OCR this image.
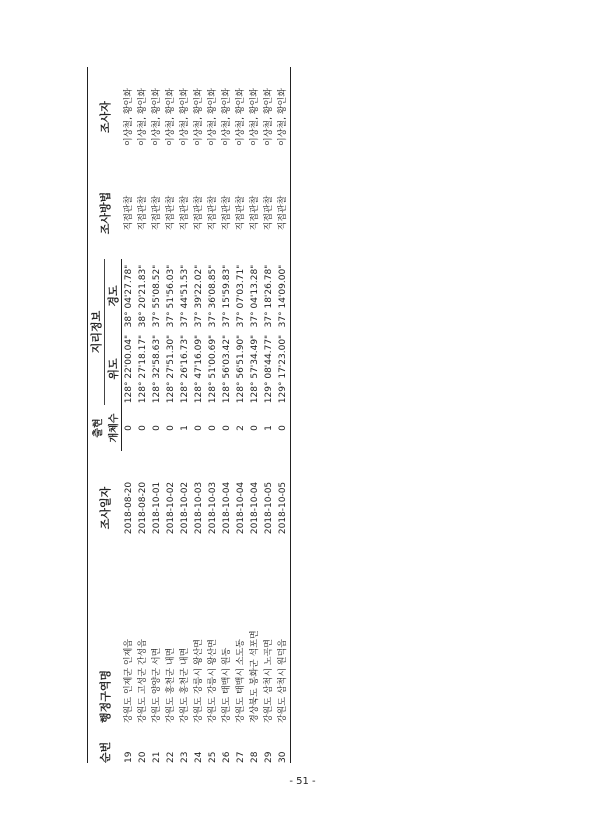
순번	행정구역명	조사일자	출현	지리정보		조사방법	조사자
			개체수	위도	경도		
19	강원도 인제군 인제읍	2018-08-20	0	128° 22'00.04"	38° 04'27.78"	직접관찰	이상철, 황인화
20	강원도 고성군 간성읍	2018-08-20	0	128° 27'18.17"	38° 20'21.83"	직접관찰	이상철, 황인화
21	강원도 양양군 서면	2018-10-01	0	128° 32'58.63"	37° 55'08.52"	직접관찰	이상철, 황인화
22	강원도 홍천군 내면	2018-10-02	0	128° 27'51.30"	37° 51'56.03"	직접관찰	이상철, 황인화
23	강원도 홍천군 내면	2018-10-02	1	128° 26'16.73"	37° 44'51.53"	직접관찰	이상철, 황인화
24	강원도 강릉시 왕산면	2018-10-03	0	128° 47'16.09"	37° 39'22.02"	직접관찰	이상철, 황인화
25	강원도 강릉시 왕산면	2018-10-03	0	128° 51'00.69"	37° 36'08.85"	직접관찰	이상철, 황인화
26	강원도 태백시 원동	2018-10-04	0	128° 56'03.42"	37° 15'59.83"	직접관찰	이상철, 황인화
27	강원도 태백시 소도동	2018-10-04	2	128° 56'51.90"	37° 07'03.71"	직접관찰	이상철, 황인화
28	경상북도 봉화군 석포면	2018-10-04	0	128° 57'34.49"	37° 04'13.28"	직접관찰	이상철, 황인화
29	강원도 삼척시 노곡면	2018-10-05	1	129° 08'44.77"	37° 18'26.78"	직접관찰	이상철, 황인화
30	강원도 삼척시 원덕읍	2018-10-05	0	129° 17'23.00"	37° 14'09.00"	직접관찰	이상철, 황인화
- 51 -
